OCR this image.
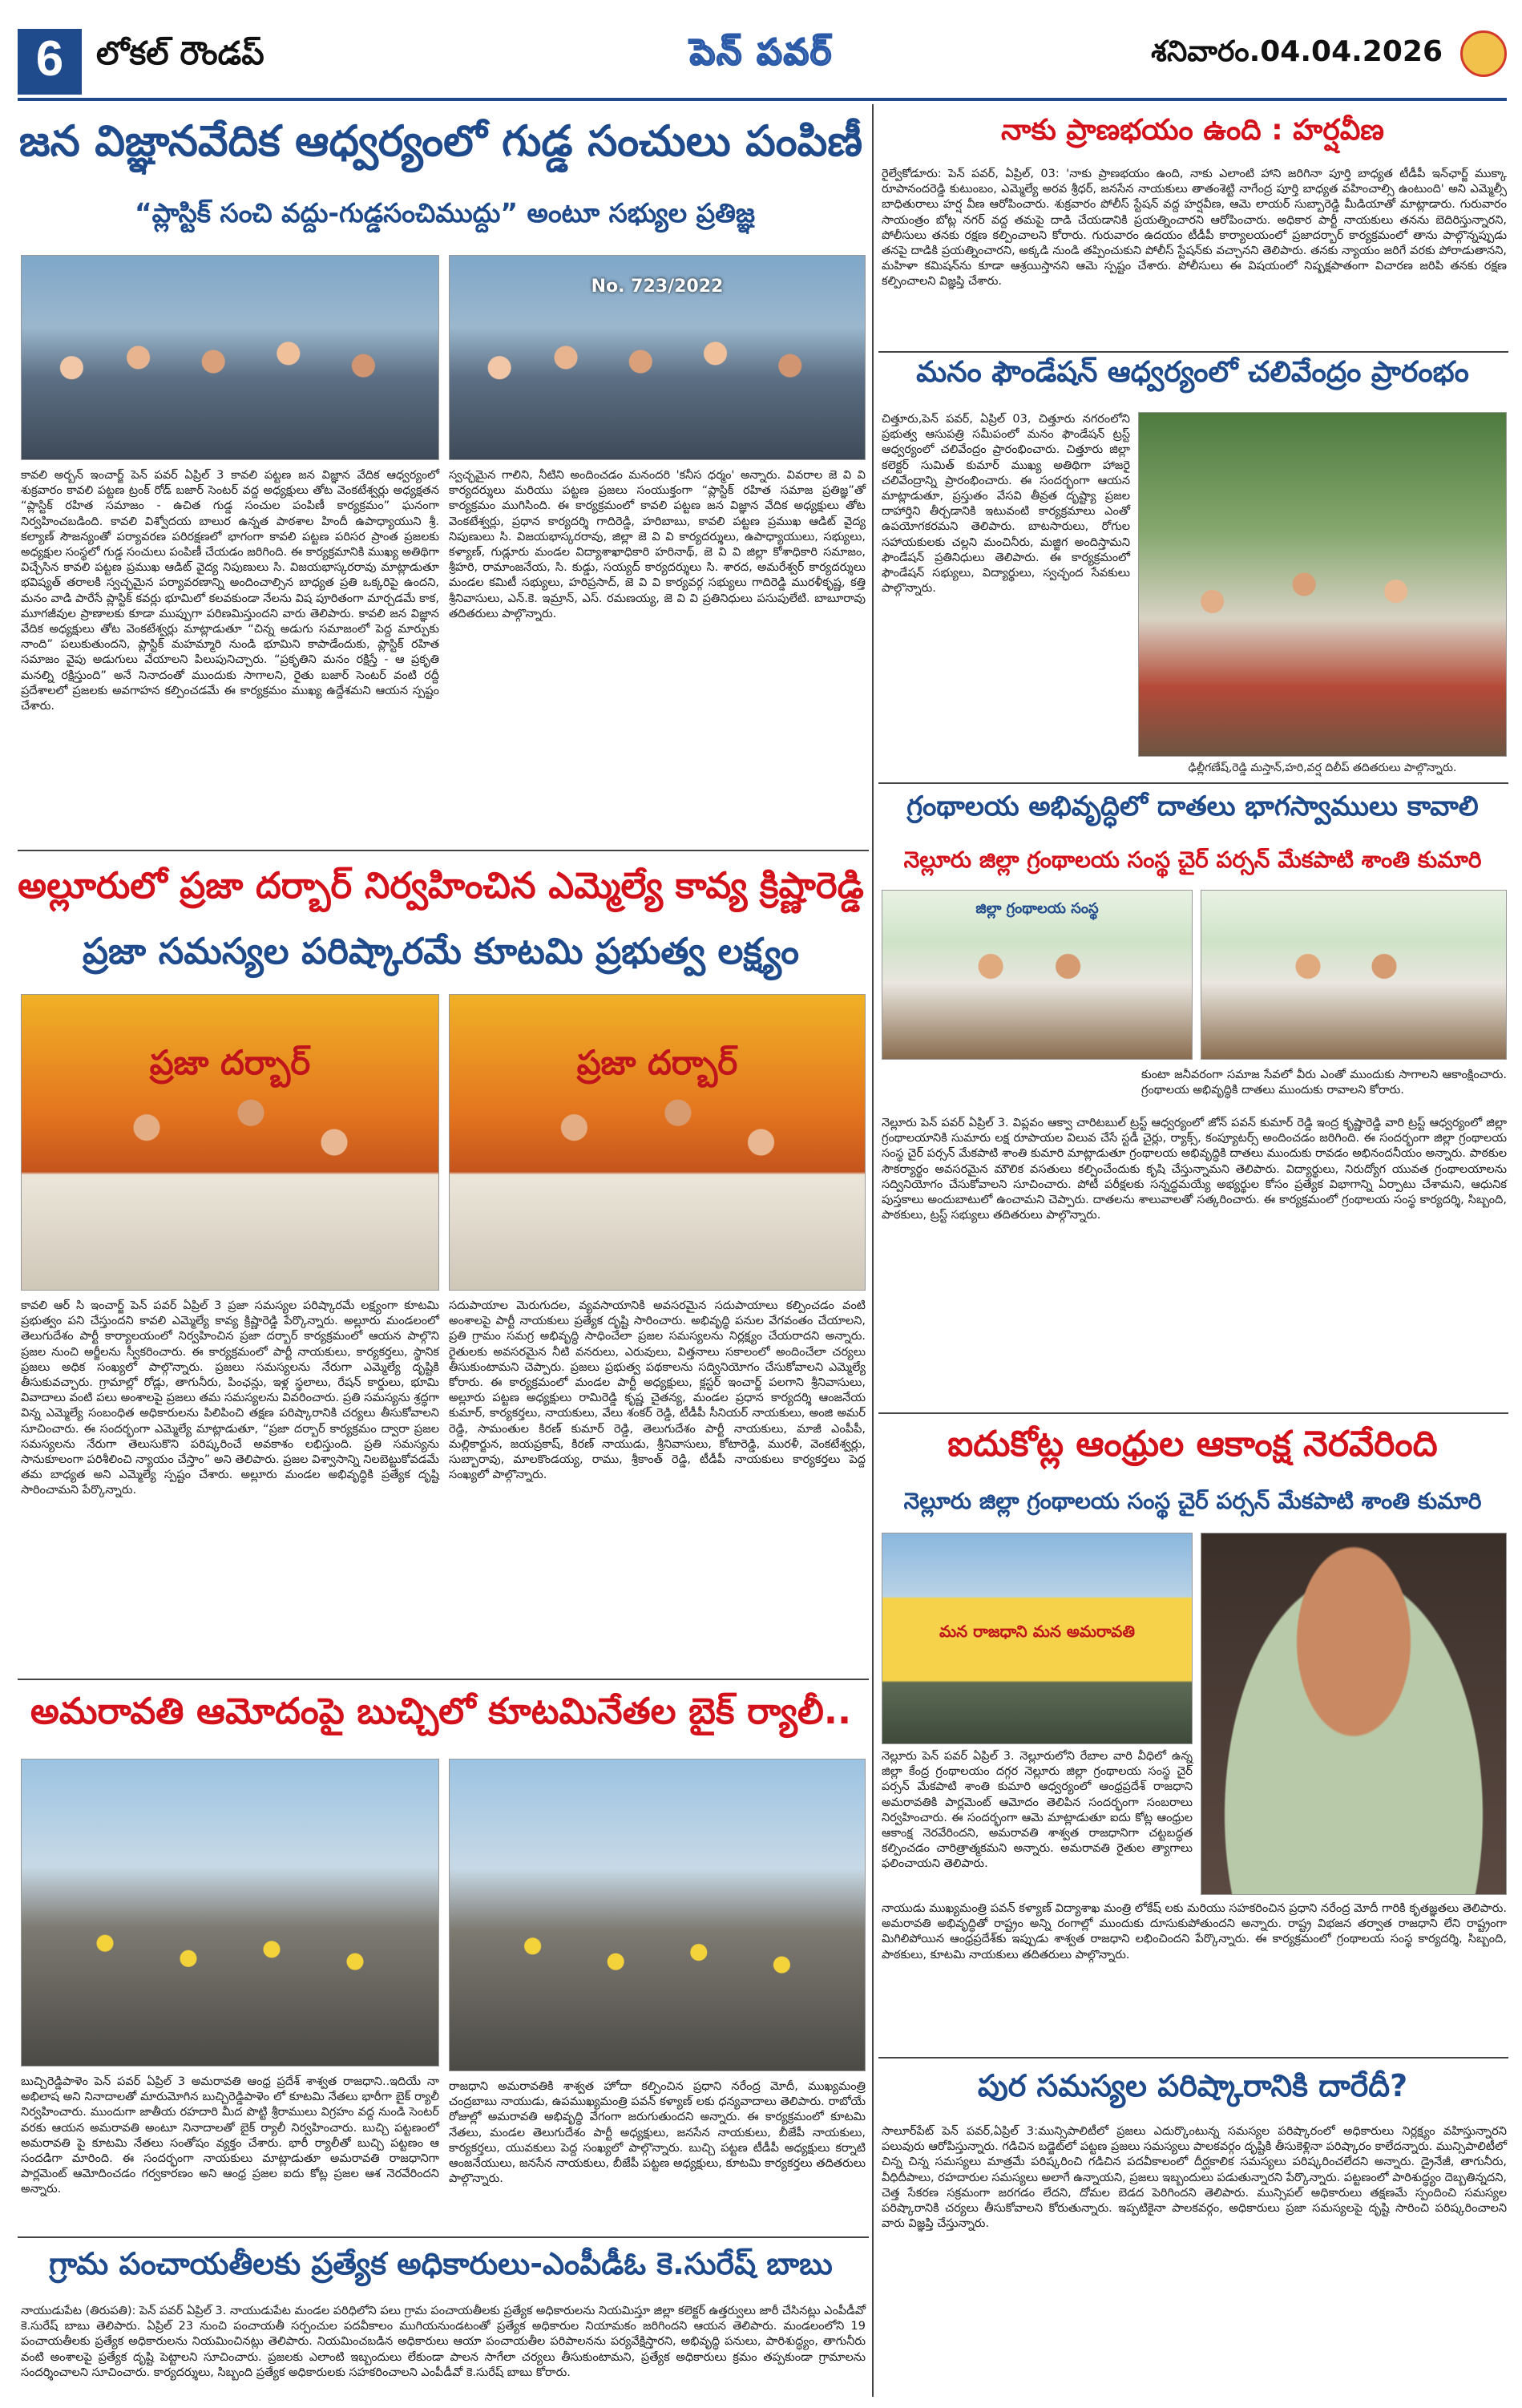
6	లోకల్ రౌండప్	పెన్ పవర్	శనివారం.04.04.2026
జన విజ్ఞానవేదిక ఆధ్వర్యంలో గుడ్డ సంచులు పంపిణీ
“ప్లాస్టిక్ సంచి వద్దు-గుడ్డసంచిముద్దు” అంటూ సభ్యుల ప్రతిజ్ఞ
No. 723/2022
కావలి అర్బన్ ఇంచార్జ్ పెన్ పవర్ ఏప్రిల్ 3 కావలి పట్టణ జన విజ్ఞాన వేదిక ఆధ్వర్యంలో శుక్రవారం కావలి పట్టణ ట్రంక్ రోడ్ బజార్ సెంటర్ వద్ద అధ్యక్షులు తోట వెంకటేశ్వర్లు అధ్యక్షతన “ప్లాస్టిక్ రహిత సమాజం - ఉచిత గుడ్డ సంచుల పంపిణీ కార్యక్రమం” ఘనంగా నిర్వహించబడింది. కావలి విశ్వోదయ బాలుర ఉన్నత పాఠశాల హిందీ ఉపాధ్యాయుని శ్రీ. కల్యాణ్ సౌజన్యంతో పర్యావరణ పరిరక్షణలో భాగంగా కావలి పట్టణ పరిసర ప్రాంత ప్రజలకు అధ్యక్షుల సంస్థలో గుడ్డ సంచులు పంపిణీ చేయడం జరిగింది. ఈ కార్యక్రమానికి ముఖ్య అతిథిగా విచ్చేసిన కావలి పట్టణ ప్రముఖ ఆడిట్ వైద్య నిపుణులు సి. విజయభాస్కరరావు మాట్లాడుతూ భవిష్యత్ తరాలకి స్వచ్ఛమైన పర్యావరణాన్ని అందించాల్సిన బాధ్యత ప్రతి ఒక్కరిపై ఉందని, మనం వాడి పారేసే ప్లాస్టిక్ కవర్లు భూమిలో కలవకుండా నేలను విష పూరితంగా మార్చడమే కాక, మూగజీవుల ప్రాణాలకు కూడా ముప్పుగా పరిణమిస్తుందని వారు తెలిపారు. కావలి జన విజ్ఞాన వేదిక అధ్యక్షులు తోట వెంకటేశ్వర్లు మాట్లాడుతూ “చిన్న అడుగు సమాజంలో పెద్ద మార్పుకు నాంది” పలుకుతుందని, ప్లాస్టిక్ మహమ్మారి నుండి భూమిని కాపాడేందుకు, ప్లాస్టిక్ రహిత సమాజం వైపు అడుగులు వేయాలని పిలుపునిచ్చారు. “ప్రకృతిని మనం రక్షిస్తే - ఆ ప్రకృతి మనల్ని రక్షిస్తుంది” అనే నినాదంతో ముందుకు సాగాలని, రైతు బజార్ సెంటర్ వంటి రద్దీ ప్రదేశాలలో ప్రజలకు అవగాహన కల్పించడమే ఈ కార్యక్రమం ముఖ్య ఉద్దేశమని ఆయన స్పష్టం చేశారు.
స్వచ్ఛమైన గాలిని, నీటిని అందించడం మనందరి 'కనీస ధర్మం' అన్నారు. వివరాల జె వి వి కార్యదర్శులు మరియు పట్టణ ప్రజలు సంయుక్తంగా “ప్లాస్టిక్ రహిత సమాజ ప్రతిజ్ఞ”తో కార్యక్రమం ముగిసింది. ఈ కార్యక్రమంలో కావలి పట్టణ జన విజ్ఞాన వేదిక అధ్యక్షులు తోట వెంకటేశ్వర్లు, ప్రధాన కార్యదర్శి గాదిరెడ్డి, హరిబాబు, కావలి పట్టణ ప్రముఖ ఆడిట్ వైద్య నిపుణులు సి. విజయభాస్కరరావు, జిల్లా జె వి వి కార్యదర్శులు, ఉపాధ్యాయులు, సభ్యులు, కళ్యాణ్, గుడ్లూరు మండల విద్యాశాఖాధికారి హరినాథ్, జె వి వి జిల్లా కోశాధికారి సమాజం, శ్రీహరి, రామాంజనేయ, సి. కుడ్డు, సయ్యద్ కార్యదర్శులు సి. శారద, అమరేశ్వర్ కార్యదర్శులు మండల కమిటీ సభ్యులు, హరిప్రసాద్, జె వి వి కార్యవర్గ సభ్యులు గాదిరెడ్డి మురళీకృష్ణ, కత్తి శ్రీనివాసులు, ఎన్.కె. ఇమ్రాన్, ఎస్. రమణయ్య, జె వి వి ప్రతినిధులు పసుపులేటి. బాబూరావు తదితరులు పాల్గొన్నారు.
అల్లూరులో ప్రజా దర్బార్ నిర్వహించిన ఎమ్మెల్యే కావ్య క్రిష్ణారెడ్డి
ప్రజా సమస్యల పరిష్కారమే కూటమి ప్రభుత్వ లక్ష్యం
ప్రజా దర్బార్	ప్రజా దర్బార్
కావలి ఆర్ సి ఇంచార్జ్ పెన్ పవర్ ఏప్రిల్ 3 ప్రజా సమస్యల పరిష్కారమే లక్ష్యంగా కూటమి ప్రభుత్వం పని చేస్తుందని కావలి ఎమ్మెల్యే కావ్య క్రిష్ణారెడ్డి పేర్కొన్నారు. అల్లూరు మండలంలో తెలుగుదేశం పార్టీ కార్యాలయంలో నిర్వహించిన ప్రజా దర్బార్ కార్యక్రమంలో ఆయన పాల్గొని ప్రజల నుంచి అర్జీలను స్వీకరించారు. ఈ కార్యక్రమంలో పార్టీ నాయకులు, కార్యకర్తలు, స్థానిక ప్రజలు అధిక సంఖ్యలో పాల్గొన్నారు. ప్రజలు సమస్యలను నేరుగా ఎమ్మెల్యే దృష్టికి తీసుకువచ్చారు. గ్రామాల్లో రోడ్లు, తాగునీరు, పింఛన్లు, ఇళ్ల స్థలాలు, రేషన్ కార్డులు, భూమి వివాదాలు వంటి పలు అంశాలపై ప్రజలు తమ సమస్యలను వివరించారు. ప్రతి సమస్యను శ్రద్ధగా విన్న ఎమ్మెల్యే సంబంధిత అధికారులను పిలిపించి తక్షణ పరిష్కారానికి చర్యలు తీసుకోవాలని సూచించారు. ఈ సందర్భంగా ఎమ్మెల్యే మాట్లాడుతూ, “ప్రజా దర్బార్ కార్యక్రమం ద్వారా ప్రజల సమస్యలను నేరుగా తెలుసుకొని పరిష్కరించే అవకాశం లభిస్తుంది. ప్రతి సమస్యను సానుకూలంగా పరిశీలించి న్యాయం చేస్తాం” అని తెలిపారు. ప్రజల విశ్వాసాన్ని నిలబెట్టుకోవడమే తమ బాధ్యత అని ఎమ్మెల్యే స్పష్టం చేశారు. అల్లూరు మండల అభివృద్ధికి ప్రత్యేక దృష్టి సారించామని పేర్కొన్నారు.
సదుపాయాల మెరుగుదల, వ్యవసాయానికి అవసరమైన సదుపాయాలు కల్పించడం వంటి అంశాలపై పార్టీ నాయకులు ప్రత్యేక దృష్టి సారించారు. అభివృద్ధి పనుల వేగవంతం చేయాలని, ప్రతి గ్రామం సమగ్ర అభివృద్ధి సాధించేలా ప్రజల సమస్యలను నిర్లక్ష్యం చేయరాదని అన్నారు. రైతులకు అవసరమైన నీటి వనరులు, ఎరువులు, విత్తనాలు సకాలంలో అందించేలా చర్యలు తీసుకుంటామని చెప్పారు. ప్రజలు ప్రభుత్వ పథకాలను సద్వినియోగం చేసుకోవాలని ఎమ్మెల్యే కోరారు. ఈ కార్యక్రమంలో మండల పార్టీ అధ్యక్షులు, క్లస్టర్ ఇంచార్జ్ పలగాని శ్రీనివాసులు, అల్లూరు పట్టణ అధ్యక్షులు రామిరెడ్డి కృష్ణ చైతన్య, మండల ప్రధాన కార్యదర్శి ఆంజనేయ కుమార్, కార్యకర్తలు, నాయకులు, వేలు శంకర్ రెడ్డి, టీడీపీ సీనియర్ నాయకులు, అంజి అమర్ రెడ్డి, సామంతుల కిరణ్ కుమార్ రెడ్డి, తెలుగుదేశం పార్టీ నాయకులు, మాజీ ఎంపీపీ, మల్లికార్జున, జయప్రకాష్, కిరణ్ నాయుడు, శ్రీనివాసులు, కోటారెడ్డి, మురళీ, వెంకటేశ్వర్లు, సుబ్బారావు, మాలకొండయ్య, రాము, శ్రీకాంత్ రెడ్డి, టీడీపీ నాయకులు కార్యకర్తలు పెద్ద సంఖ్యలో పాల్గొన్నారు.
అమరావతి ఆమోదంపై బుచ్చిలో కూటమినేతల బైక్ ర్యాలీ..
బుచ్చిరెడ్డిపాళెం పెన్ పవర్ ఏప్రిల్ 3 అమరావతి ఆంధ్ర ప్రదేశ్ శాశ్వత రాజధాని..ఇదియే నా అభిలాష అని నినాదాలతో మారుమోగిన బుచ్చిరెడ్డిపాళెం లో కూటమి నేతలు భారీగా బైక్ ర్యాలీ నిర్వహించారు. ముందుగా జాతీయ రహదారి మీద పొట్టి శ్రీరాములు విగ్రహం వద్ద నుండి సెంటర్ వరకు ఆయన అమరావతి అంటూ నినాదాలతో బైక్ ర్యాలీ నిర్వహించారు. బుచ్చి పట్టణంలో అమరావతి పై కూటమి నేతలు సంతోషం వ్యక్తం చేశారు. భారీ ర్యాలీతో బుచ్చి పట్టణం ఆ సందడిగా మారింది. ఈ సందర్భంగా నాయకులు మాట్లాడుతూ అమరావతి రాజధానిగా పార్లమెంట్ ఆమోదించడం గర్వకారణం అని ఆంధ్ర ప్రజల ఐదు కోట్ల ప్రజల ఆశ నెరవేరిందని అన్నారు.
రాజధాని అమరావతికి శాశ్వత హోదా కల్పించిన ప్రధాని నరేంద్ర మోదీ, ముఖ్యమంత్రి చంద్రబాబు నాయుడు, ఉపముఖ్యమంత్రి పవన్ కళ్యాణ్ లకు ధన్యవాదాలు తెలిపారు. రాబోయే రోజుల్లో అమరావతి అభివృద్ధి వేగంగా జరుగుతుందని అన్నారు. ఈ కార్యక్రమంలో కూటమి నేతలు, మండల తెలుగుదేశం పార్టీ అధ్యక్షులు, జనసేన నాయకులు, బీజేపీ నాయకులు, కార్యకర్తలు, యువకులు పెద్ద సంఖ్యలో పాల్గొన్నారు. బుచ్చి పట్టణ టీడీపీ అధ్యక్షులు కర్నాటి ఆంజనేయులు, జనసేన నాయకులు, బీజేపీ పట్టణ అధ్యక్షులు, కూటమి కార్యకర్తలు తదితరులు పాల్గొన్నారు.
గ్రామ పంచాయతీలకు ప్రత్యేక అధికారులు-ఎంపీడీఓ కె.సురేష్ బాబు
నాయుడుపేట (తిరుపతి): పెన్ పవర్ ఏప్రిల్ 3. నాయుడుపేట మండల పరిధిలోని పలు గ్రామ పంచాయతీలకు ప్రత్యేక అధికారులను నియమిస్తూ జిల్లా కలెక్టర్ ఉత్తర్వులు జారీ చేసినట్లు ఎంపీడీవో కె.సురేష్ బాబు తెలిపారు. ఏప్రిల్ 23 నుంచి పంచాయతీ సర్పంచుల పదవీకాలం ముగియనుండటంతో ప్రత్యేక అధికారుల నియామకం జరిగిందని ఆయన తెలిపారు. మండలంలోని 19 పంచాయతీలకు ప్రత్యేక అధికారులను నియమించినట్లు తెలిపారు. నియమించబడిన అధికారులు ఆయా పంచాయతీల పరిపాలనను పర్యవేక్షిస్తారని, అభివృద్ధి పనులు, పారిశుద్ధ్యం, తాగునీరు వంటి అంశాలపై ప్రత్యేక దృష్టి పెట్టాలని సూచించారు. ప్రజలకు ఎలాంటి ఇబ్బందులు లేకుండా పాలన సాగేలా చర్యలు తీసుకుంటామని, ప్రత్యేక అధికారులు క్రమం తప్పకుండా గ్రామాలను సందర్శించాలని సూచించారు. కార్యదర్శులు, సిబ్బంది ప్రత్యేక అధికారులకు సహకరించాలని ఎంపీడీవో కె.సురేష్ బాబు కోరారు.
నాకు ప్రాణభయం ఉంది : హర్షవీణ
రైల్వేకోడూరు: పెన్ పవర్, ఏప్రిల్, 03: 'నాకు ప్రాణభయం ఉంది, నాకు ఎలాంటి హాని జరిగినా పూర్తి బాధ్యత టీడీపీ ఇన్‌ఛార్జ్ ముక్కా రూపానందరెడ్డి కుటుంబం, ఎమ్మెల్యే అరవ శ్రీధర్, జనసేన నాయకులు తాతంశెట్టి నాగేంద్ర పూర్తి బాధ్యత వహించాల్సి ఉంటుంది' అని ఎమ్మెల్సీ బాధితురాలు హర్ష వీణ ఆరోపించారు. శుక్రవారం పోలీస్ స్టేషన్ వద్ద హర్షవీణ, ఆమె లాయర్ సుబ్బారెడ్డి మీడియాతో మాట్లాడారు. గురువారం సాయంత్రం బోట్ల నగర్ వద్ద తమపై దాడి చేయడానికి ప్రయత్నించారని ఆరోపించారు. అధికార పార్టీ నాయకులు తనను బెదిరిస్తున్నారని, పోలీసులు తనకు రక్షణ కల్పించాలని కోరారు. గురువారం ఉదయం టీడీపీ కార్యాలయంలో ప్రజాదర్బార్ కార్యక్రమంలో తాను పాల్గొన్నప్పుడు తనపై దాడికి ప్రయత్నించారని, అక్కడి నుండి తప్పించుకుని పోలీస్ స్టేషన్‌కు వచ్చానని తెలిపారు. తనకు న్యాయం జరిగే వరకు పోరాడుతానని, మహిళా కమిషన్‌ను కూడా ఆశ్రయిస్తానని ఆమె స్పష్టం చేశారు. పోలీసులు ఈ విషయంలో నిష్పక్షపాతంగా విచారణ జరిపి తనకు రక్షణ కల్పించాలని విజ్ఞప్తి చేశారు.
మనం ఫౌండేషన్ ఆధ్వర్యంలో చలివేంద్రం ప్రారంభం
చిత్తూరు,పెన్ పవర్, ఏప్రిల్ 03, చిత్తూరు నగరంలోని ప్రభుత్వ ఆసుపత్రి సమీపంలో మనం ఫౌండేషన్ ట్రస్ట్ ఆధ్వర్యంలో చలివేంద్రం ప్రారంభించారు. చిత్తూరు జిల్లా కలెక్టర్ సుమిత్ కుమార్ ముఖ్య అతిథిగా హాజరై చలివేంద్రాన్ని ప్రారంభించారు. ఈ సందర్భంగా ఆయన మాట్లాడుతూ, ప్రస్తుతం వేసవి తీవ్రత దృష్ట్యా ప్రజల దాహార్తిని తీర్చడానికి ఇటువంటి కార్యక్రమాలు ఎంతో ఉపయోగకరమని తెలిపారు. బాటసారులు, రోగుల సహాయకులకు చల్లని మంచినీరు, మజ్జిగ అందిస్తామని ఫౌండేషన్ ప్రతినిధులు తెలిపారు. ఈ కార్యక్రమంలో ఫౌండేషన్ సభ్యులు, విద్యార్థులు, స్వచ్ఛంద సేవకులు పాల్గొన్నారు.
ఢిల్లీగణేష్,రెడ్డి మస్తాన్,హరి,వర్ష దిలీప్ తదితరులు పాల్గొన్నారు.
గ్రంథాలయ అభివృద్ధిలో దాతలు భాగస్వాములు కావాలి
నెల్లూరు జిల్లా గ్రంథాలయ సంస్థ చైర్ పర్సన్ మేకపాటి శాంతి కుమారి
జిల్లా గ్రంథాలయ సంస్థ
కుంటా జనీవరంగా సమాజ సేవలో వీరు ఎంతో ముందుకు సాగాలని ఆకాంక్షించారు. గ్రంథాలయ అభివృద్ధికి దాతలు ముందుకు రావాలని కోరారు.
నెల్లూరు పెన్ పవర్ ఏప్రిల్ 3. విప్లవం ఆక్వా చారిటబుల్ ట్రస్ట్ ఆధ్వర్యంలో జోన్ పవన్ కుమార్ రెడ్డి ఇంద్ర కృష్ణారెడ్డి వారి ట్రస్ట్ ఆధ్వర్యంలో జిల్లా గ్రంథాలయానికి సుమారు లక్ష రూపాయల విలువ చేసే స్టడీ చైర్లు, ర్యాక్స్, కంప్యూటర్స్ అందించడం జరిగింది. ఈ సందర్భంగా జిల్లా గ్రంథాలయ సంస్థ చైర్ పర్సన్ మేకపాటి శాంతి కుమారి మాట్లాడుతూ గ్రంథాలయ అభివృద్ధికి దాతలు ముందుకు రావడం అభినందనీయం అన్నారు. పాఠకుల సౌకర్యార్థం అవసరమైన మౌలిక వసతులు కల్పించేందుకు కృషి చేస్తున్నామని తెలిపారు. విద్యార్థులు, నిరుద్యోగ యువత గ్రంథాలయాలను సద్వినియోగం చేసుకోవాలని సూచించారు. పోటీ పరీక్షలకు సన్నద్ధమయ్యే అభ్యర్థుల కోసం ప్రత్యేక విభాగాన్ని ఏర్పాటు చేశామని, ఆధునిక పుస్తకాలు అందుబాటులో ఉంచామని చెప్పారు. దాతలను శాలువాలతో సత్కరించారు. ఈ కార్యక్రమంలో గ్రంథాలయ సంస్థ కార్యదర్శి, సిబ్బంది, పాఠకులు, ట్రస్ట్ సభ్యులు తదితరులు పాల్గొన్నారు.
ఐదుకోట్ల ఆంధ్రుల ఆకాంక్ష నెరవేరింది
నెల్లూరు జిల్లా గ్రంథాలయ సంస్థ చైర్ పర్సన్ మేకపాటి శాంతి కుమారి
మన రాజధాని మన అమరావతి
నెల్లూరు పెన్ పవర్ ఏప్రిల్ 3. నెల్లూరులోని రేబాల వారి వీధిలో ఉన్న జిల్లా కేంద్ర గ్రంథాలయం దగ్గర నెల్లూరు జిల్లా గ్రంథాలయ సంస్థ చైర్ పర్సన్ మేకపాటి శాంతి కుమారి ఆధ్వర్యంలో ఆంధ్రప్రదేశ్ రాజధాని అమరావతికి పార్లమెంట్ ఆమోదం తెలిపిన సందర్భంగా సంబరాలు నిర్వహించారు. ఈ సందర్భంగా ఆమె మాట్లాడుతూ ఐదు కోట్ల ఆంధ్రుల ఆకాంక్ష నెరవేరిందని, అమరావతి శాశ్వత రాజధానిగా చట్టబద్ధత కల్పించడం చారిత్రాత్మకమని అన్నారు. అమరావతి రైతుల త్యాగాలు ఫలించాయని తెలిపారు.
నాయుడు ముఖ్యమంత్రి పవన్ కళ్యాణ్ విద్యాశాఖ మంత్రి లోకేష్ లకు మరియు సహకరించిన ప్రధాని నరేంద్ర మోదీ గారికి కృతజ్ఞతలు తెలిపారు. అమరావతి అభివృద్ధితో రాష్ట్రం అన్ని రంగాల్లో ముందుకు దూసుకుపోతుందని అన్నారు. రాష్ట్ర విభజన తర్వాత రాజధాని లేని రాష్ట్రంగా మిగిలిపోయిన ఆంధ్రప్రదేశ్‌కు ఇప్పుడు శాశ్వత రాజధాని లభించిందని పేర్కొన్నారు. ఈ కార్యక్రమంలో గ్రంథాలయ సంస్థ కార్యదర్శి, సిబ్బంది, పాఠకులు, కూటమి నాయకులు తదితరులు పాల్గొన్నారు.
పుర సమస్యల పరిష్కారానికి దారేదీ?
సాలూర్‌పేట్ పెన్ పవర్,ఏప్రిల్ 3:మున్సిపాలిటీలో ప్రజలు ఎదుర్కొంటున్న సమస్యల పరిష్కారంలో అధికారులు నిర్లక్ష్యం వహిస్తున్నారని పలువురు ఆరోపిస్తున్నారు. గడిచిన బడ్జెట్‌లో పట్టణ ప్రజలు సమస్యలు పాలకవర్గం దృష్టికి తీసుకెళ్లినా పరిష్కారం కాలేదన్నారు. మున్సిపాలిటీలో చిన్న చిన్న సమస్యలు మాత్రమే పరిష్కరించి గడిచిన పదవీకాలంలో దీర్ఘకాలిక సమస్యలు పరిష్కరించలేదని అన్నారు. డ్రైనేజీ, తాగునీరు, వీధిదీపాలు, రహదారుల సమస్యలు అలాగే ఉన్నాయని, ప్రజలు ఇబ్బందులు పడుతున్నారని పేర్కొన్నారు. పట్టణంలో పారిశుద్ధ్యం దెబ్బతిన్నదని, చెత్త సేకరణ సక్రమంగా జరగడం లేదని, దోమల బెడద పెరిగిందని తెలిపారు. మున్సిపల్ అధికారులు తక్షణమే స్పందించి సమస్యల పరిష్కారానికి చర్యలు తీసుకోవాలని కోరుతున్నారు. ఇప్పటికైనా పాలకవర్గం, అధికారులు ప్రజా సమస్యలపై దృష్టి సారించి పరిష్కరించాలని వారు విజ్ఞప్తి చేస్తున్నారు.
